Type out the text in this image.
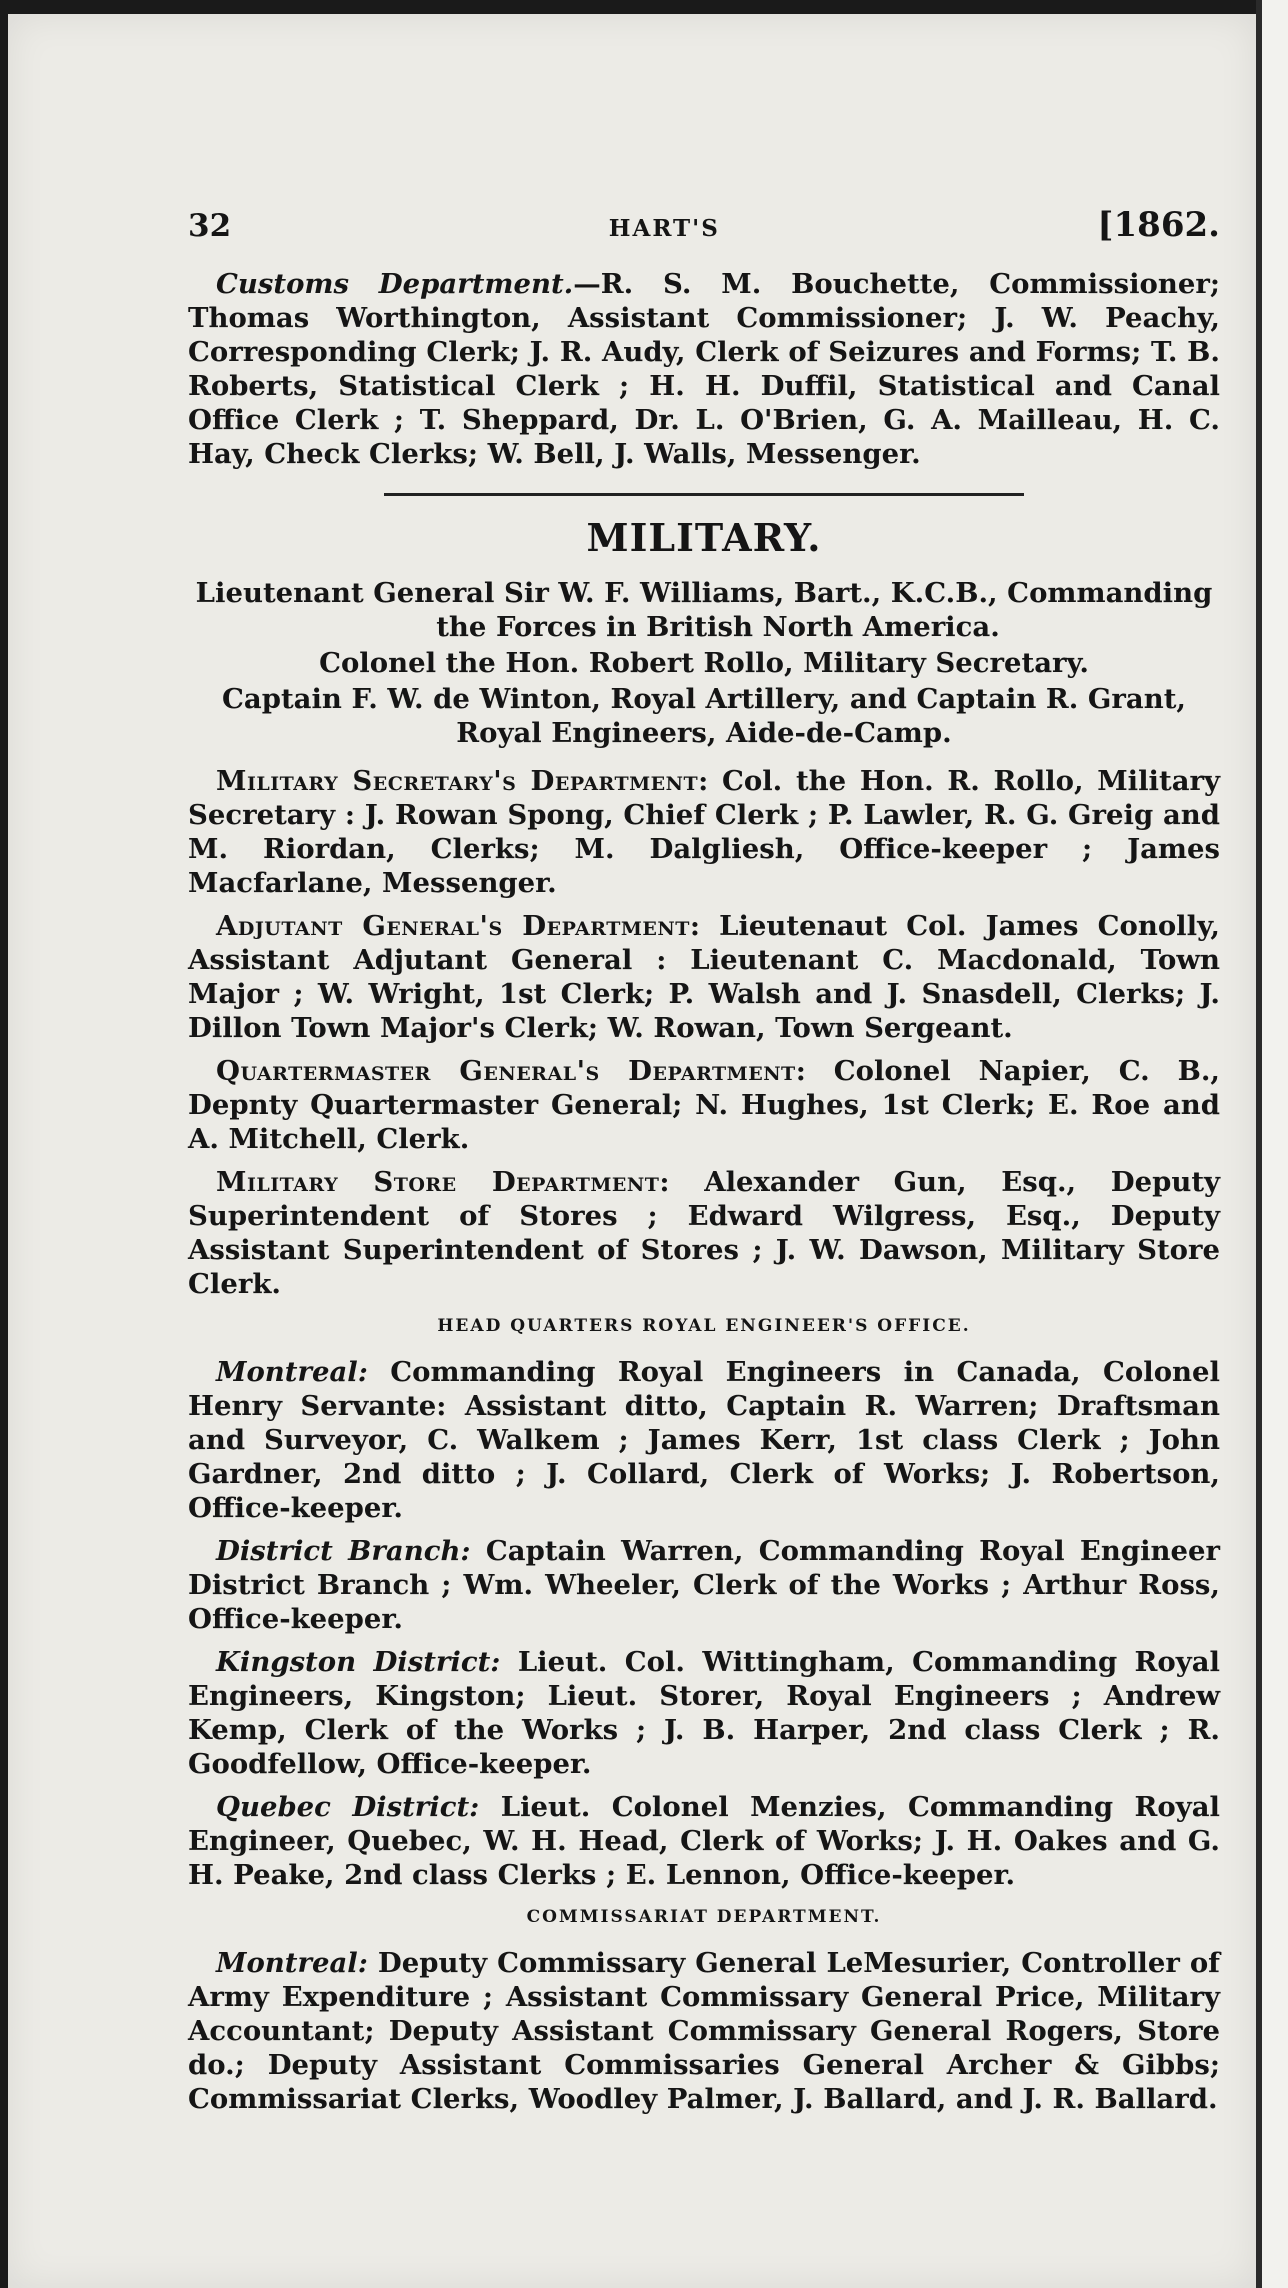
32	HART'S	[1862.

Customs Department.—R. S. M. Bouchette, Commissioner; Thomas Worthington, Assistant Commissioner; J. W. Peachy, Corresponding Clerk; J. R. Audy, Clerk of Seizures and Forms; T. B. Roberts, Statistical Clerk ; H. H. Duffil, Statistical and Canal Office Clerk ; T. Sheppard, Dr. L. O'Brien, G. A. Mailleau, H. C. Hay, Check Clerks; W. Bell, J. Walls, Messenger.

MILITARY.

Lieutenant General Sir W. F. Williams, Bart., K.C.B., Commanding the Forces in British North America.

Colonel the Hon. Robert Rollo, Military Secretary.

Captain F. W. de Winton, Royal Artillery, and Captain R. Grant, Royal Engineers, Aide-de-Camp.

Military Secretary's Department: Col. the Hon. R. Rollo, Military Secretary : J. Rowan Spong, Chief Clerk ; P. Lawler, R. G. Greig and M. Riordan, Clerks; M. Dalgliesh, Office-keeper ; James Macfarlane, Messenger.

Adjutant General's Department: Lieutenaut Col. James Conolly, Assistant Adjutant General : Lieutenant C. Macdonald, Town Major ; W. Wright, 1st Clerk; P. Walsh and J. Snasdell, Clerks; J. Dillon Town Major's Clerk; W. Rowan, Town Sergeant.

Quartermaster General's Department: Colonel Napier, C. B., Depnty Quartermaster General; N. Hughes, 1st Clerk; E. Roe and A. Mitchell, Clerk.

Military Store Department: Alexander Gun, Esq., Deputy Superintendent of Stores ; Edward Wilgress, Esq., Deputy Assistant Superintendent of Stores ; J. W. Dawson, Military Store Clerk.

HEAD QUARTERS ROYAL ENGINEER'S OFFICE.

Montreal: Commanding Royal Engineers in Canada, Colonel Henry Servante: Assistant ditto, Captain R. Warren; Draftsman and Surveyor, C. Walkem ; James Kerr, 1st class Clerk ; John Gardner, 2nd ditto ; J. Collard, Clerk of Works; J. Robertson, Office-keeper.

District Branch: Captain Warren, Commanding Royal Engineer District Branch ; Wm. Wheeler, Clerk of the Works ; Arthur Ross, Office-keeper.

Kingston District: Lieut. Col. Wittingham, Commanding Royal Engineers, Kingston; Lieut. Storer, Royal Engineers ; Andrew Kemp, Clerk of the Works ; J. B. Harper, 2nd class Clerk ; R. Goodfellow, Office-keeper.

Quebec District: Lieut. Colonel Menzies, Commanding Royal Engineer, Quebec, W. H. Head, Clerk of Works; J. H. Oakes and G. H. Peake, 2nd class Clerks ; E. Lennon, Office-keeper.

COMMISSARIAT DEPARTMENT.

Montreal: Deputy Commissary General LeMesurier, Controller of Army Expenditure ; Assistant Commissary General Price, Military Accountant; Deputy Assistant Commissary General Rogers, Store do.; Deputy Assistant Commissaries General Archer & Gibbs; Commissariat Clerks, Woodley Palmer, J. Ballard, and J. R. Ballard.
